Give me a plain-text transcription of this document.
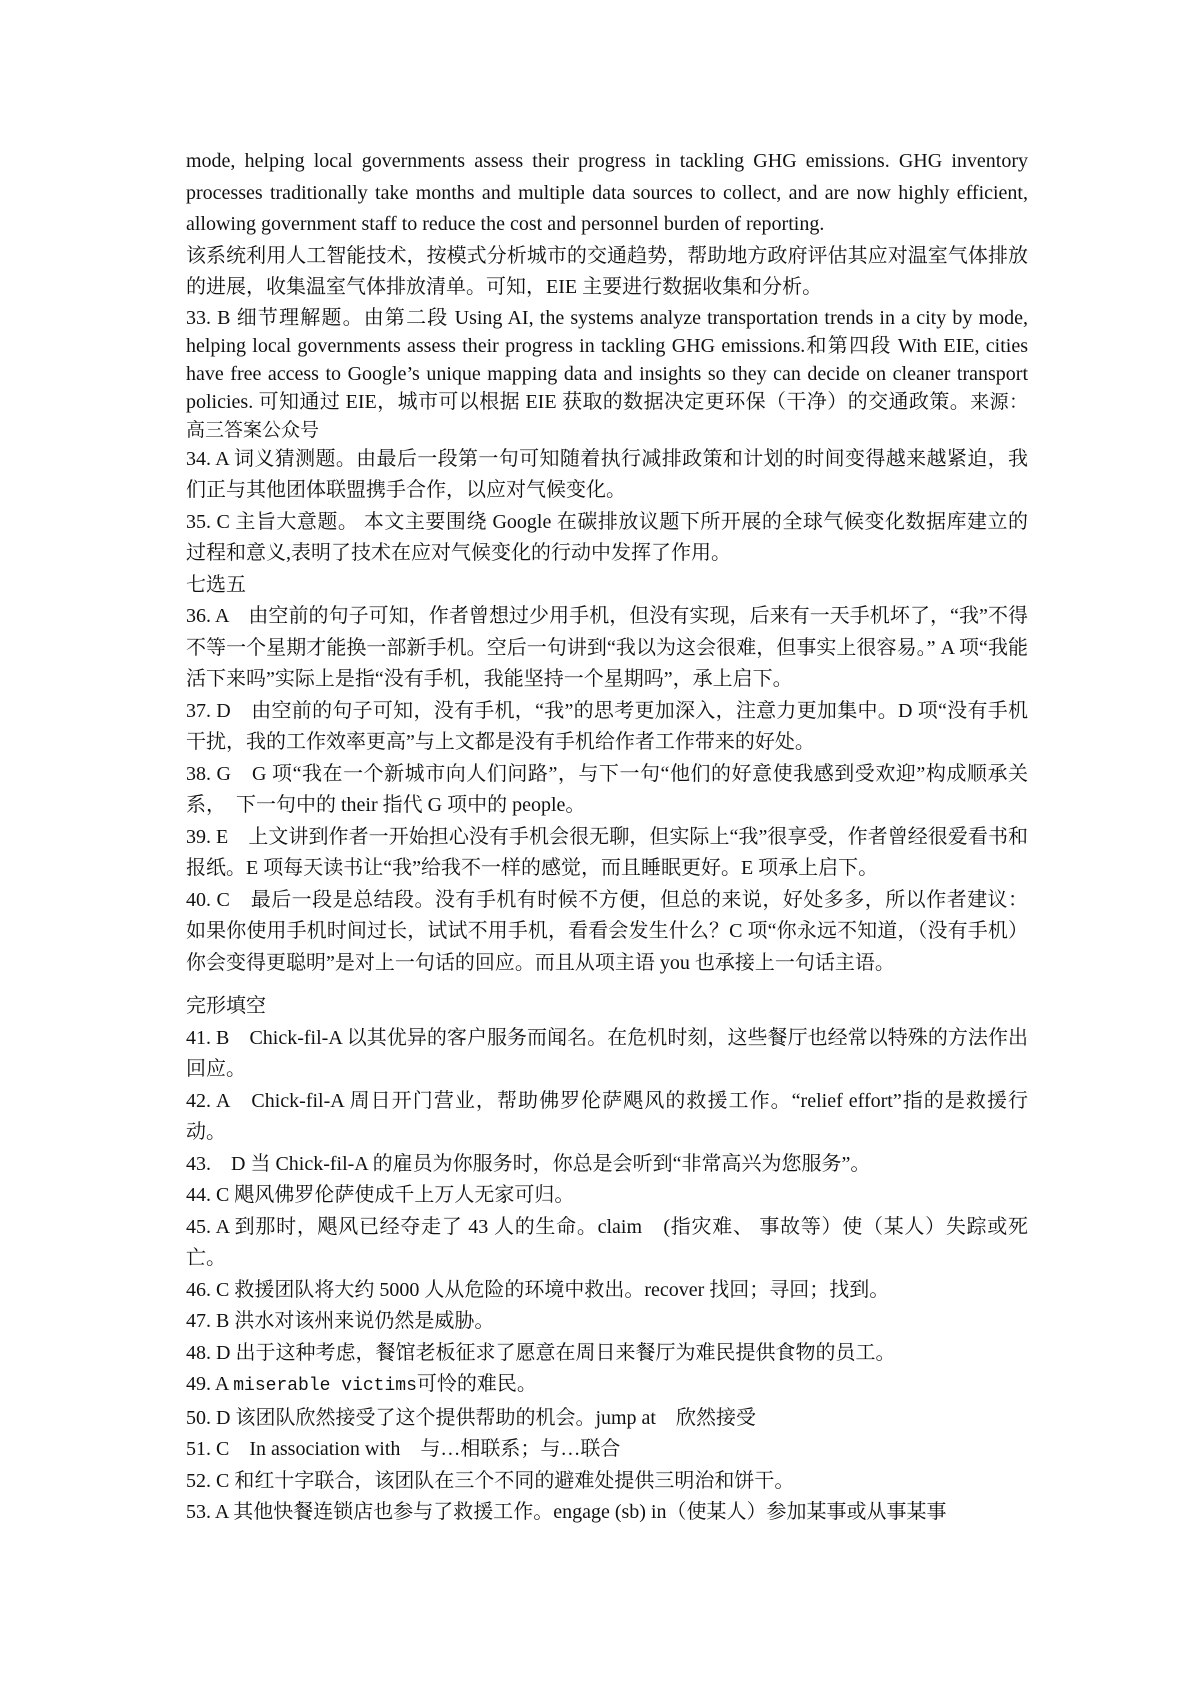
mode, helping local governments assess their progress in tackling GHG emissions. GHG inventory processes traditionally take months and multiple data sources to collect, and are now highly efficient, allowing government staff to reduce the cost and personnel burden of reporting.

该系统利用人工智能技术，按模式分析城市的交通趋势，帮助地方政府评估其应对温室气体排放的进展，收集温室气体排放清单。可知，EIE 主要进行数据收集和分析。

33. B 细节理解题。由第二段 Using AI, the systems analyze transportation trends in a city by mode, helping local governments assess their progress in tackling GHG emissions.和第四段 With EIE, cities have free access to Google’s unique mapping data and insights so they can decide on cleaner transport policies. 可知通过 EIE，城市可以根据 EIE 获取的数据决定更环保（干净）的交通政策。来源：高三答案公众号

34. A 词义猜测题。由最后一段第一句可知随着执行减排政策和计划的时间变得越来越紧迫，我们正与其他团体联盟携手合作，以应对气候变化。

35. C 主旨大意题。 本文主要围绕 Google 在碳排放议题下所开展的全球气候变化数据库建立的过程和意义,表明了技术在应对气候变化的行动中发挥了作用。

七选五

36. A　由空前的句子可知，作者曾想过少用手机，但没有实现，后来有一天手机坏了，“我”不得不等一个星期才能换一部新手机。空后一句讲到“我以为这会很难，但事实上很容易。” A 项“我能活下来吗”实际上是指“没有手机，我能坚持一个星期吗”，承上启下。

37. D　由空前的句子可知，没有手机，“我”的思考更加深入，注意力更加集中。D 项“没有手机干扰，我的工作效率更高”与上文都是没有手机给作者工作带来的好处。

38. G　G 项“我在一个新城市向人们问路”，与下一句“他们的好意使我感到受欢迎”构成顺承关系，　下一句中的 their 指代 G 项中的 people。

39. E　上文讲到作者一开始担心没有手机会很无聊，但实际上“我”很享受，作者曾经很爱看书和报纸。E 项每天读书让“我”给我不一样的感觉，而且睡眠更好。E 项承上启下。

40. C　最后一段是总结段。没有手机有时候不方便，但总的来说，好处多多，所以作者建议：如果你使用手机时间过长，试试不用手机，看看会发生什么？C 项“你永远不知道，（没有手机）你会变得更聪明”是对上一句话的回应。而且从项主语 you 也承接上一句话主语。

完形填空

41. B　Chick-fil-A 以其优异的客户服务而闻名。在危机时刻，这些餐厅也经常以特殊的方法作出回应。

42. A　Chick-fil-A 周日开门营业，帮助佛罗伦萨飓风的救援工作。“relief effort”指的是救援行动。

43.　D 当 Chick-fil-A 的雇员为你服务时，你总是会听到“非常高兴为您服务”。

44. C 飓风佛罗伦萨使成千上万人无家可归。

45. A 到那时，飓风已经夺走了 43 人的生命。claim　(指灾难、 事故等）使（某人）失踪或死亡。

46. C 救援团队将大约 5000 人从危险的环境中救出。recover 找回；寻回；找到。

47. B 洪水对该州来说仍然是威胁。

48. D 出于这种考虑，餐馆老板征求了愿意在周日来餐厅为难民提供食物的员工。

49. A miserable victims可怜的难民。

50. D 该团队欣然接受了这个提供帮助的机会。jump at　欣然接受

51. C　In association with　与…相联系；与…联合

52. C 和红十字联合，该团队在三个不同的避难处提供三明治和饼干。

53. A 其他快餐连锁店也参与了救援工作。engage (sb) in（使某人）参加某事或从事某事
